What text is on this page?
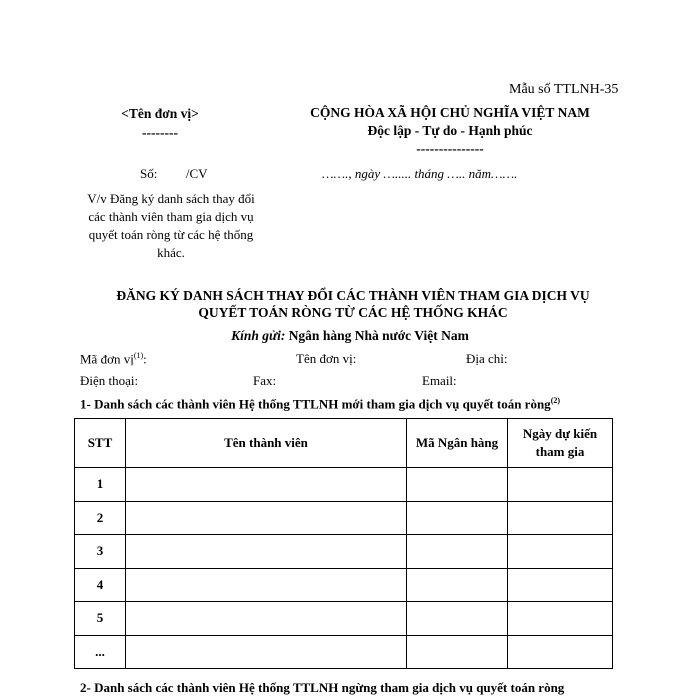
Mẫu số TTLNH-35
<Tên đơn vị>
--------
CỘNG HÒA XÃ HỘI CHỦ NGHĨA VIỆT NAM
Độc lập - Tự do - Hạnh phúc
---------------
Số: /CV	……., ngày …..... tháng ….. năm…….
V/v Đăng ký danh sách thay đổi các thành viên tham gia dịch vụ quyết toán ròng từ các hệ thống khác.
ĐĂNG KÝ DANH SÁCH THAY ĐỔI CÁC THÀNH VIÊN THAM GIA DỊCH VỤ
QUYẾT TOÁN RÒNG TỪ CÁC HỆ THỐNG KHÁC
Kính gửi: Ngân hàng Nhà nước Việt Nam
Mã đơn vị$^{(1)}$:	Tên đơn vị:	Địa chỉ:
Điện thoại:	Fax:	Email:
1- Danh sách các thành viên Hệ thống TTLNH mới tham gia dịch vụ quyết toán ròng$^{(2)}$
STT	Tên thành viên	Mã Ngân hàng	Ngày dự kiến tham gia
1			
2			
3			
4			
5			
...			
2- Danh sách các thành viên Hệ thống TTLNH ngừng tham gia dịch vụ quyết toán ròng
